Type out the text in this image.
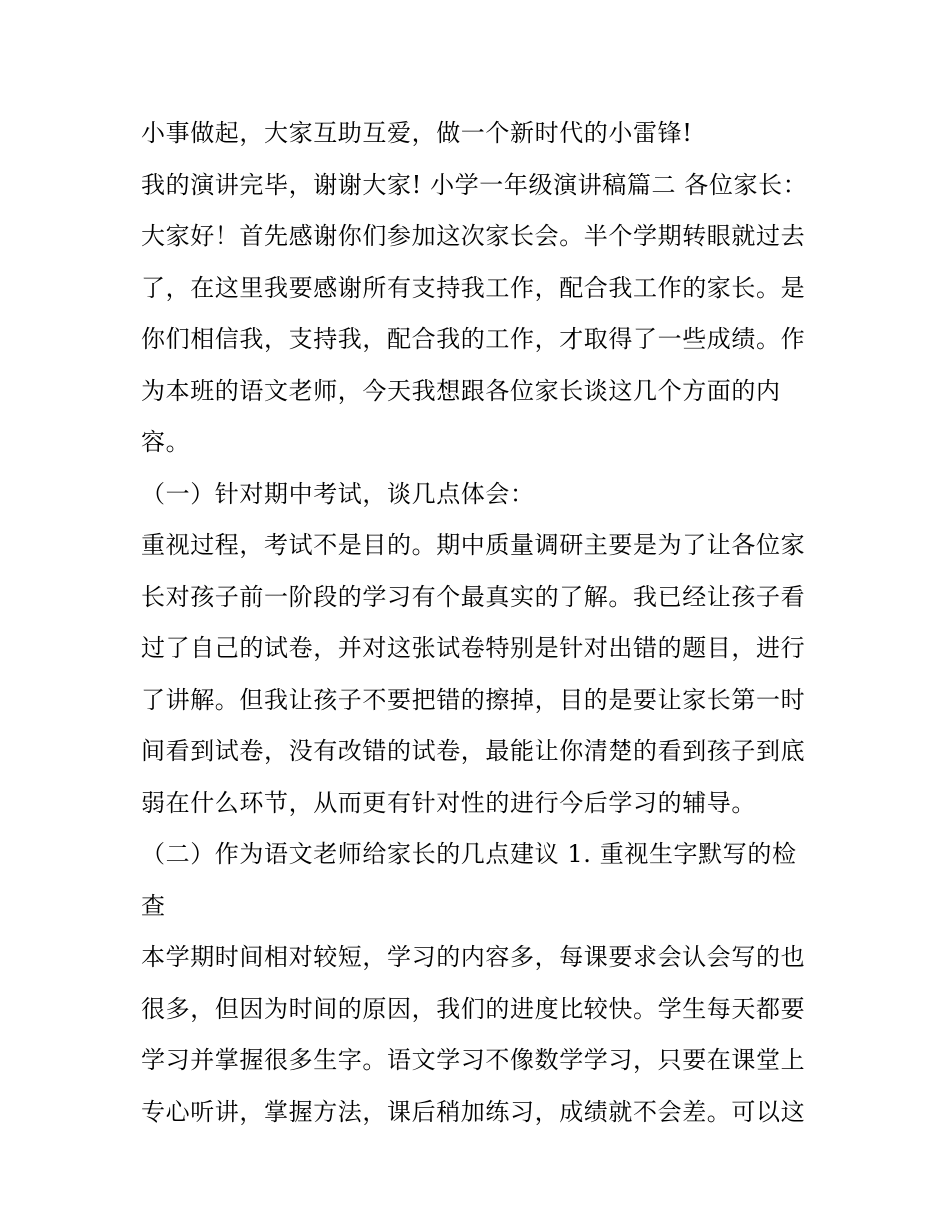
小事做起，大家互助互爱，做一个新时代的小雷锋!
我的演讲完毕，谢谢大家! 小学一年级演讲稿篇二 各位家长：
大家好！首先感谢你们参加这次家长会。半个学期转眼就过去
了，在这里我要感谢所有支持我工作，配合我工作的家长。是
你们相信我，支持我，配合我的工作，才取得了一些成绩。作
为本班的语文老师，今天我想跟各位家长谈这几个方面的内
容。
（一）针对期中考试，谈几点体会：
重视过程，考试不是目的。期中质量调研主要是为了让各位家
长对孩子前一阶段的学习有个最真实的了解。我已经让孩子看
过了自己的试卷，并对这张试卷特别是针对出错的题目，进行
了讲解。但我让孩子不要把错的擦掉，目的是要让家长第一时
间看到试卷，没有改错的试卷，最能让你清楚的看到孩子到底
弱在什么环节，从而更有针对性的进行今后学习的辅导。
（二）作为语文老师给家长的几点建议 1. 重视生字默写的检
查
本学期时间相对较短，学习的内容多，每课要求会认会写的也
很多，但因为时间的原因，我们的进度比较快。学生每天都要
学习并掌握很多生字。语文学习不像数学学习，只要在课堂上
专心听讲，掌握方法，课后稍加练习，成绩就不会差。可以这
